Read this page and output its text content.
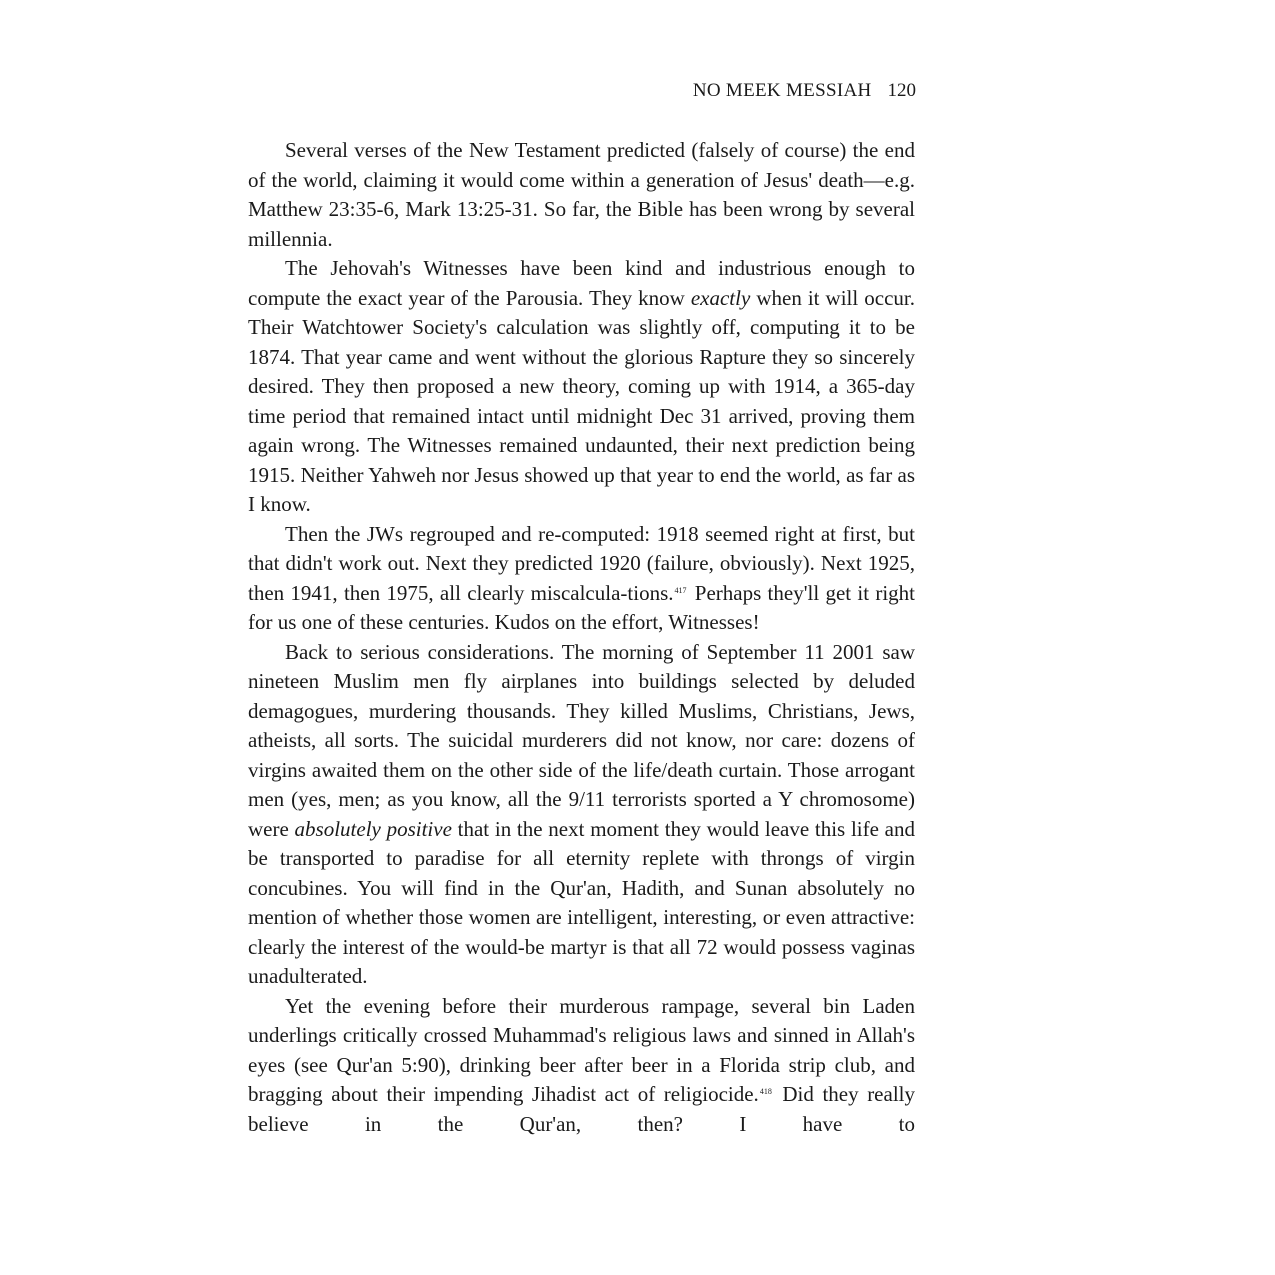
NO MEEK MESSIAH 120

Several verses of the New Testament predicted (falsely of course) the end of the world, claiming it would come within a generation of Jesus' death—e.g. Matthew 23:35-6, Mark 13:25-31. So far, the Bible has been wrong by several millennia.

The Jehovah's Witnesses have been kind and industrious enough to compute the exact year of the Parousia. They know exactly when it will occur. Their Watchtower Society's calculation was slightly off, computing it to be 1874. That year came and went without the glorious Rapture they so sincerely desired. They then proposed a new theory, coming up with 1914, a 365-day time period that remained intact until midnight Dec 31 arrived, proving them again wrong. The Witnesses remained undaunted, their next prediction being 1915. Neither Yahweh nor Jesus showed up that year to end the world, as far as I know.

Then the JWs regrouped and re-computed: 1918 seemed right at first, but that didn't work out. Next they predicted 1920 (failure, obviously). Next 1925, then 1941, then 1975, all clearly miscalcula-tions.$^{417}$ Perhaps they'll get it right for us one of these centuries. Kudos on the effort, Witnesses!

Back to serious considerations. The morning of September 11 2001 saw nineteen Muslim men fly airplanes into buildings selected by deluded demagogues, murdering thousands. They killed Muslims, Christians, Jews, atheists, all sorts. The suicidal murderers did not know, nor care: dozens of virgins awaited them on the other side of the life/death curtain. Those arrogant men (yes, men; as you know, all the 9/11 terrorists sported a Y chromosome) were absolutely positive that in the next moment they would leave this life and be transported to paradise for all eternity replete with throngs of virgin concubines. You will find in the Qur'an, Hadith, and Sunan absolutely no mention of whether those women are intelligent, interesting, or even attractive: clearly the interest of the would-be martyr is that all 72 would possess vaginas unadulterated.

Yet the evening before their murderous rampage, several bin Laden underlings critically crossed Muhammad's religious laws and sinned in Allah's eyes (see Qur'an 5:90), drinking beer after beer in a Florida strip club, and bragging about their impending Jihadist act of religiocide.$^{418}$ Did they really believe in the Qur'an, then? I have to
